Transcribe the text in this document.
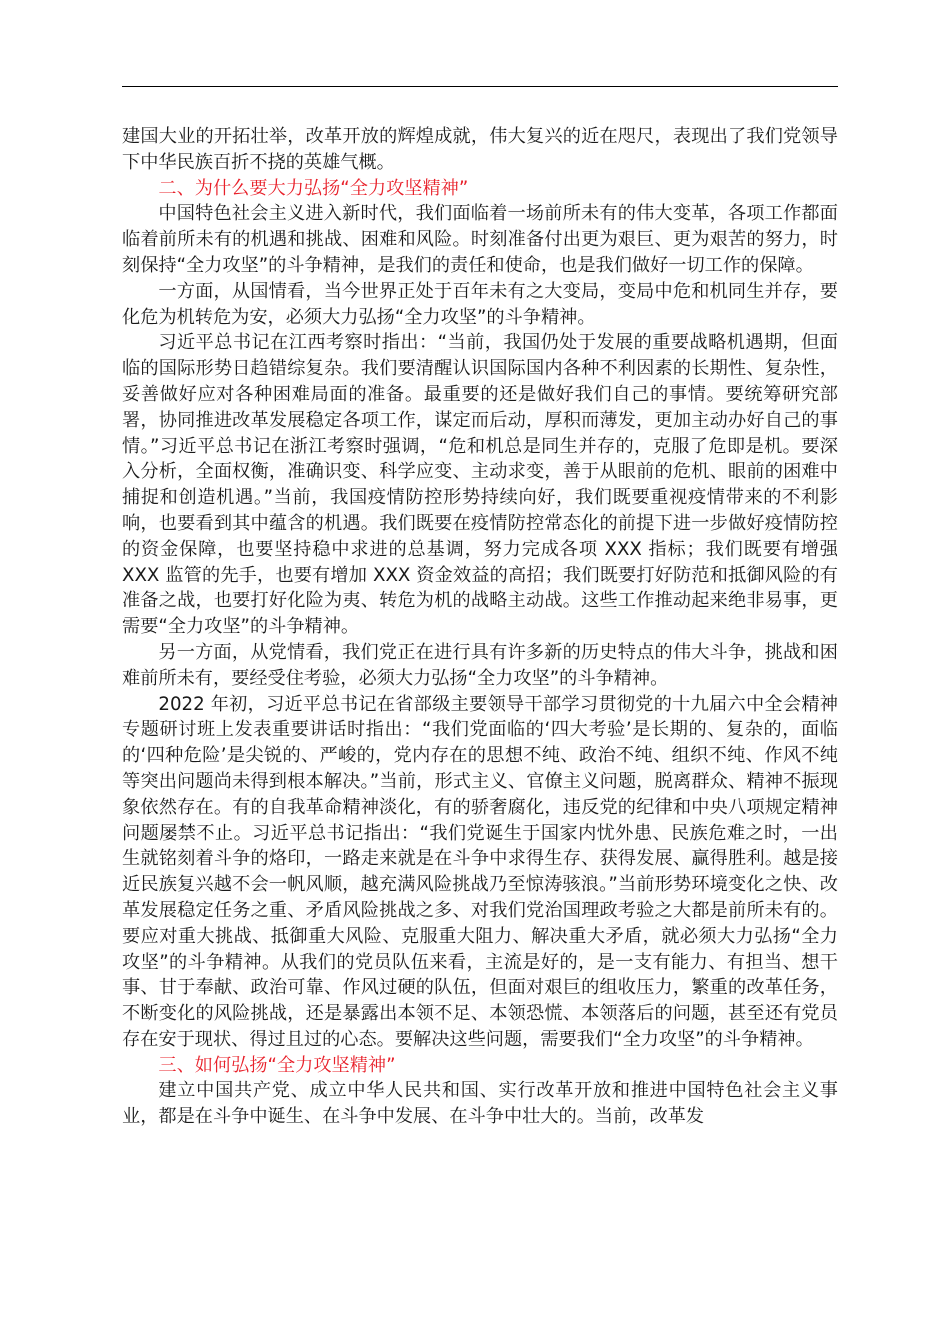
建国大业的开拓壮举，改革开放的辉煌成就，伟大复兴的近在咫尺，表现出了我们党领导下中华民族百折不挠的英雄气概。

二、为什么要大力弘扬“全力攻坚精神”

中国特色社会主义进入新时代，我们面临着一场前所未有的伟大变革，各项工作都面临着前所未有的机遇和挑战、困难和风险。时刻准备付出更为艰巨、更为艰苦的努力，时刻保持“全力攻坚”的斗争精神，是我们的责任和使命，也是我们做好一切工作的保障。

一方面，从国情看，当今世界正处于百年未有之大变局，变局中危和机同生并存，要化危为机转危为安，必须大力弘扬“全力攻坚”的斗争精神。

习近平总书记在江西考察时指出：“当前，我国仍处于发展的重要战略机遇期，但面临的国际形势日趋错综复杂。我们要清醒认识国际国内各种不利因素的长期性、复杂性，妥善做好应对各种困难局面的准备。最重要的还是做好我们自己的事情。要统筹研究部署，协同推进改革发展稳定各项工作，谋定而后动，厚积而薄发，更加主动办好自己的事情。”习近平总书记在浙江考察时强调，“危和机总是同生并存的，克服了危即是机。要深入分析，全面权衡，准确识变、科学应变、主动求变，善于从眼前的危机、眼前的困难中捕捉和创造机遇。”当前，我国疫情防控形势持续向好，我们既要重视疫情带来的不利影响，也要看到其中蕴含的机遇。我们既要在疫情防控常态化的前提下进一步做好疫情防控的资金保障，也要坚持稳中求进的总基调，努力完成各项 XXX 指标；我们既要有增强 XXX 监管的先手，也要有增加 XXX 资金效益的高招；我们既要打好防范和抵御风险的有准备之战，也要打好化险为夷、转危为机的战略主动战。这些工作推动起来绝非易事，更需要“全力攻坚”的斗争精神。

另一方面，从党情看，我们党正在进行具有许多新的历史特点的伟大斗争，挑战和困难前所未有，要经受住考验，必须大力弘扬“全力攻坚”的斗争精神。

2022 年初，习近平总书记在省部级主要领导干部学习贯彻党的十九届六中全会精神专题研讨班上发表重要讲话时指出：“我们党面临的‘四大考验’是长期的、复杂的，面临的‘四种危险’是尖锐的、严峻的，党内存在的思想不纯、政治不纯、组织不纯、作风不纯等突出问题尚未得到根本解决。”当前，形式主义、官僚主义问题，脱离群众、精神不振现象依然存在。有的自我革命精神淡化，有的骄奢腐化，违反党的纪律和中央八项规定精神问题屡禁不止。习近平总书记指出：“我们党诞生于国家内忧外患、民族危难之时，一出生就铭刻着斗争的烙印，一路走来就是在斗争中求得生存、获得发展、赢得胜利。越是接近民族复兴越不会一帆风顺，越充满风险挑战乃至惊涛骇浪。”当前形势环境变化之快、改革发展稳定任务之重、矛盾风险挑战之多、对我们党治国理政考验之大都是前所未有的。要应对重大挑战、抵御重大风险、克服重大阻力、解决重大矛盾，就必须大力弘扬“全力攻坚”的斗争精神。从我们的党员队伍来看，主流是好的，是一支有能力、有担当、想干事、甘于奉献、政治可靠、作风过硬的队伍，但面对艰巨的组收压力，繁重的改革任务，不断变化的风险挑战，还是暴露出本领不足、本领恐慌、本领落后的问题，甚至还有党员存在安于现状、得过且过的心态。要解决这些问题，需要我们“全力攻坚”的斗争精神。

三、如何弘扬“全力攻坚精神”

建立中国共产党、成立中华人民共和国、实行改革开放和推进中国特色社会主义事业，都是在斗争中诞生、在斗争中发展、在斗争中壮大的。当前，改革发
